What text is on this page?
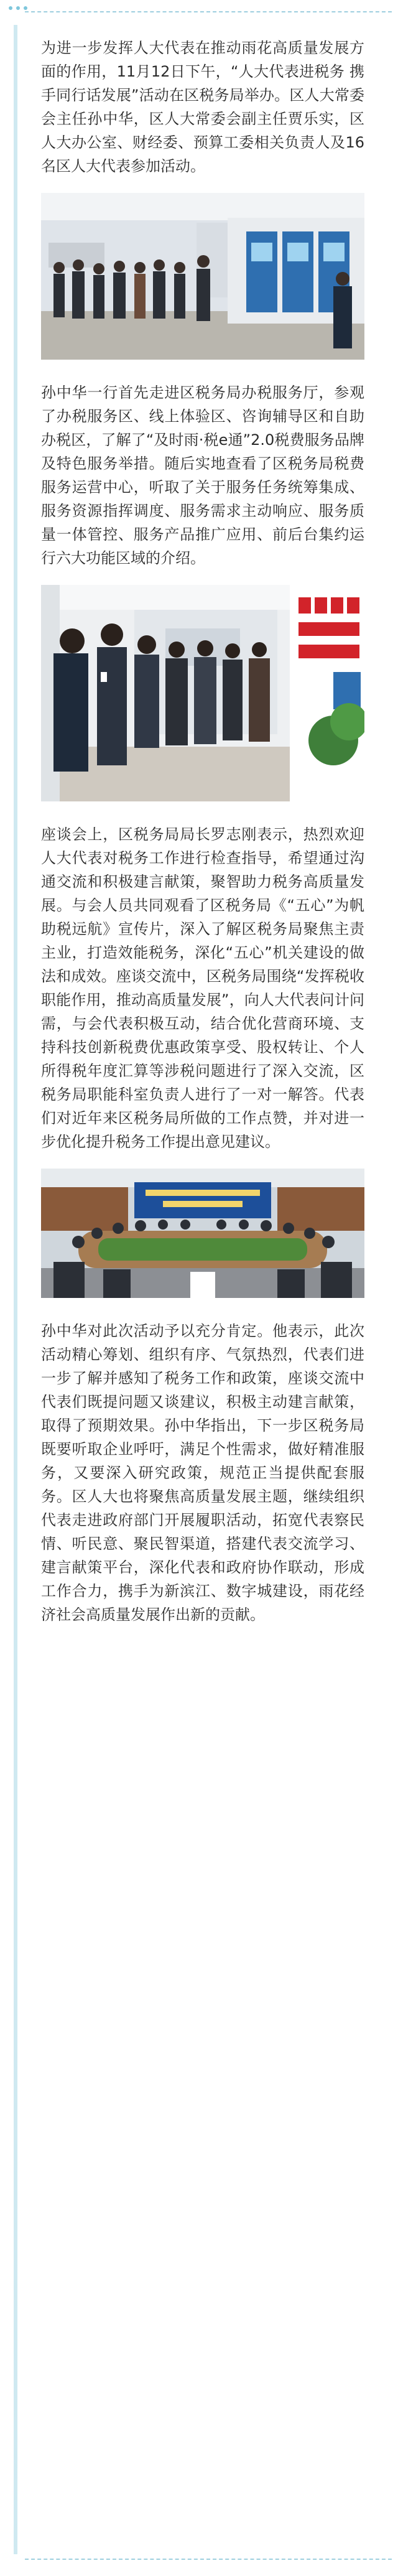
为进一步发挥人大代表在推动雨花高质量发展方面的作用，11月12日下午，“人大代表进税务 携手同行话发展”活动在区税务局举办。区人大常委会主任孙中华，区人大常委会副主任贾乐实，区人大办公室、财经委、预算工委相关负责人及16名区人大代表参加活动。

孙中华一行首先走进区税务局办税服务厅，参观了办税服务区、线上体验区、咨询辅导区和自助办税区，了解了“及时雨·税e通”2.0税费服务品牌及特色服务举措。随后实地查看了区税务局税费服务运营中心，听取了关于服务任务统筹集成、服务资源指挥调度、服务需求主动响应、服务质量一体管控、服务产品推广应用、前后台集约运行六大功能区域的介绍。

座谈会上，区税务局局长罗志刚表示，热烈欢迎人大代表对税务工作进行检查指导，希望通过沟通交流和积极建言献策，聚智助力税务高质量发展。与会人员共同观看了区税务局《“五心”为帆 助税远航》宣传片，深入了解区税务局聚焦主责主业，打造效能税务，深化“五心”机关建设的做法和成效。座谈交流中，区税务局围绕“发挥税收职能作用，推动高质量发展”，向人大代表问计问需，与会代表积极互动，结合优化营商环境、支持科技创新税费优惠政策享受、股权转让、个人所得税年度汇算等涉税问题进行了深入交流，区税务局职能科室负责人进行了一对一解答。代表们对近年来区税务局所做的工作点赞，并对进一步优化提升税务工作提出意见建议。

孙中华对此次活动予以充分肯定。他表示，此次活动精心筹划、组织有序、气氛热烈，代表们进一步了解并感知了税务工作和政策，座谈交流中代表们既提问题又谈建议，积极主动建言献策，取得了预期效果。孙中华指出，下一步区税务局既要听取企业呼吁，满足个性需求，做好精准服务，又要深入研究政策，规范正当提供配套服务。区人大也将聚焦高质量发展主题，继续组织代表走进政府部门开展履职活动，拓宽代表察民情、听民意、聚民智渠道，搭建代表交流学习、建言献策平台，深化代表和政府协作联动，形成工作合力，携手为新滨江、数字城建设，雨花经济社会高质量发展作出新的贡献。
